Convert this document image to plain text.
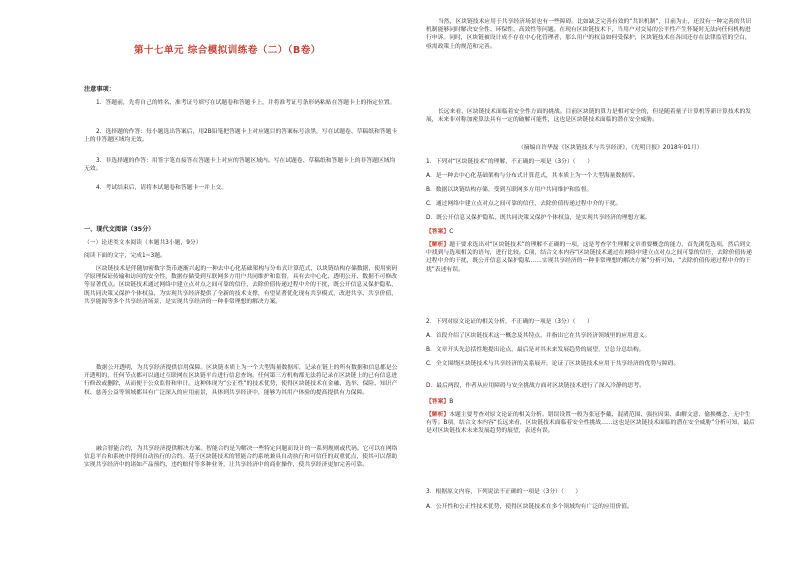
第十七单元 综合模拟训练卷（二）（B卷）
注意事项：
1．答题前，先将自己的姓名、准考证号填写在试题卷和答题卡上，并将准考证号条形码粘贴在答题卡上的指定位置。
2．选择题的作答：每小题选出答案后，用2B铅笔把答题卡上对应题目的答案标号涂黑，写在试题卷、草稿纸和答题卡上的非答题区域均无效。
3．非选择题的作答：用签字笔直接答在答题卡上对应的答题区域内。写在试题卷、草稿纸和答题卡上的非答题区域均无效。
4．考试结束后，请将本试题卷和答题卡一并上交。
一、现代文阅读（35分）
（一）论述类文本阅读（本题共3小题，9分）
阅读下面的文字，完成1~3题。
区块链技术是伴随加密数字货币逐渐兴起的一种去中心化基础架构与分布式计算范式，以块链结构存储数据，使用密码学原理保证传输和访问的安全性，数据存储受到互联网多方用户共同维护和监督，具有去中心化、透明公开、数据不可修改等显著优点。区块链技术通过网络中建立点对点之间可靠的信任，去除价值传递过程中介的干扰，既公开信息又保护隐私，既共同决策又保护个体权益，为实现共享经济提供了全新的技术支撑，有望显著优化现有共享模式，改进共享、共享价值，共享能源等多个共享经济场景，是实现共享经济的一种非常理想的解决方案。
数据公开透明，为共享经济提供信用保障。区块链本质上为一个大型海量数据库，记录在链上的所有数据和信息都是公开透明的，任何节点都可以通过互联网在区块链平台进行信息查询。任何第三方机构都无法将记录在区块链上的已有信息进行修改或删除，从而便于公众监督和审计。这种体现为“公正性”的技术优势，使得区块链技术在金融、选举、保险、知识产权、慈善公益等领域都具有广泛深入的应用前景，具体到共享经济中，能够为其用户体验的提高提供有力保障。
融合智能合约，为共享经济提供解决方案。智能合约是为解决一些特定问题而设计的一系列规则或代码。它可以在网络信息平台和系统中得到自动执行的合约。基于区块链技术的智能合约系统兼具自动执行和可信任的双重优点，使其可以帮助实现共享经济中的诸如产品预约、违约赔付等多种业务，让共享经济中的商业操作，使共享经济更加完善可靠。
当然，区块链技术应用于共享经济场景也有一些障碍。比如缺乏完善有效的“共识机制”，目前为止，还没有一种完善的共识机制能够同时解决安全性、环保性、高效性等问题。在现有区块链技术下，当用户对交易的公平性产生怀疑时无法向任何机构进行申诉。同时，区块链被设计成不存在中心化管理者，那么用户的权益如何受保护，区块链技术在各国还存在法律监管的空白，亟需政策上的规范和完善。
长远来看，区块链技术面临着安全性方面的挑战。目前区块链的算力是相对安全的，但是随着量子计算机等新计算技术的发展，未来非对称加密算法具有一定的破解可能性，这也是区块链技术面临的潜在安全威胁。
（摘编自许华磊《区块链技术与共享经济》，《光明日报》2018年01月）
1．下列对“区块链技术”的理解，不正确的一项是（3分）（　　）
A．是一种去中心化基础架构与分布式计算范式，其本质上为一个大型海量数据库。
B．数据以块链结构存储，受到互联网多方用户共同维护和监督。
C．通过网络中建立点对点之间可靠的信任，去除价值传递过程中介的干扰。
D．既公开信息又保护隐私，既共同决策又保护个体权益，是实现共享经济的理想方案。
【答案】C
【解析】题干要求选出对“区块链技术”的理解不正确的一项，这是考查学生理解文章重要概念的能力，首先浏览选项，然后到文中找到与选项相关的语句，进行比较。C项，结合文本内容“区块链技术通过在网络中建立点对点之间可靠的信任，去除价值传递过程中介的干扰，既公开信息又保护隐私……实现共享经济的一种非常理想的解决方案”分析可知，“去除价值传递过程中介的干扰”表述有误。
2．下列对原文论证的相关分析，不正确的一项是（3分）（　　）
A．首段介绍了区块链技术这一概念及其特点，并指出它在共享经济领域里的应用意义。
B．文章开头先总括性地提出论点，最后是对其未来发展趋势的展望，呈总分总结构。
C．全文围绕区块链技术与共享经济的关系展开，论证了区块链技术应用于共享经济的优势与障碍。
D．最后两段，作者从应用障碍与安全挑战方面对区块链技术进行了深入冷静的思考。
【答案】B
【解析】本题主要考查对原文论证的相关分析。错误设置一般为张冠李戴、混淆范围、强拉因果、曲解文意、偷换概念、无中生有等。B项，结合文本内容“长远来看，区块链技术面临着安全性挑战……这也是区块链技术面临的潜在安全威胁”分析可知，最后是对区块链技术未来发展趋势的展望，表述有误。
3．根据原文内容，下列说法不正确的一项是（3分）（　　）
A．公开性和公正性技术优势，使得区块链技术在多个领域均有广泛的应用价值。
